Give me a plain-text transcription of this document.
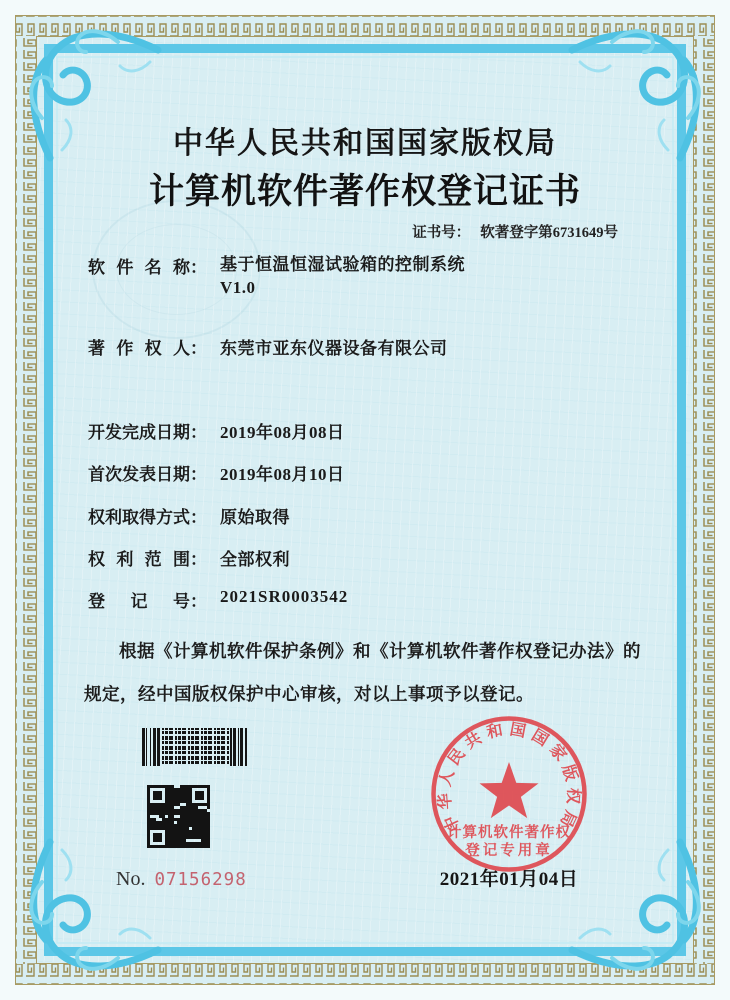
中华人民共和国国家版权局
计算机软件著作权登记证书
证书号： 软著登字第6731649号
软件名称 ： 基于恒温恒湿试验箱的控制系统
V1.0
著作权人 ： 东莞市亚东仪器设备有限公司
开发完成日期 ： 2019年08月08日
首次发表日期 ： 2019年08月10日
权利取得方式 ： 原始取得
权利范围 ： 全部权利
登记号 ： 2021SR0003542
根据《计算机软件保护条例》和《计算机软件著作权登记办法》的
规定，经中国版权保护中心审核，对以上事项予以登记。
No. 07156298	2021年01月04日
中华人民共和国国家版权局
计算机软件著作权
登记专用章
